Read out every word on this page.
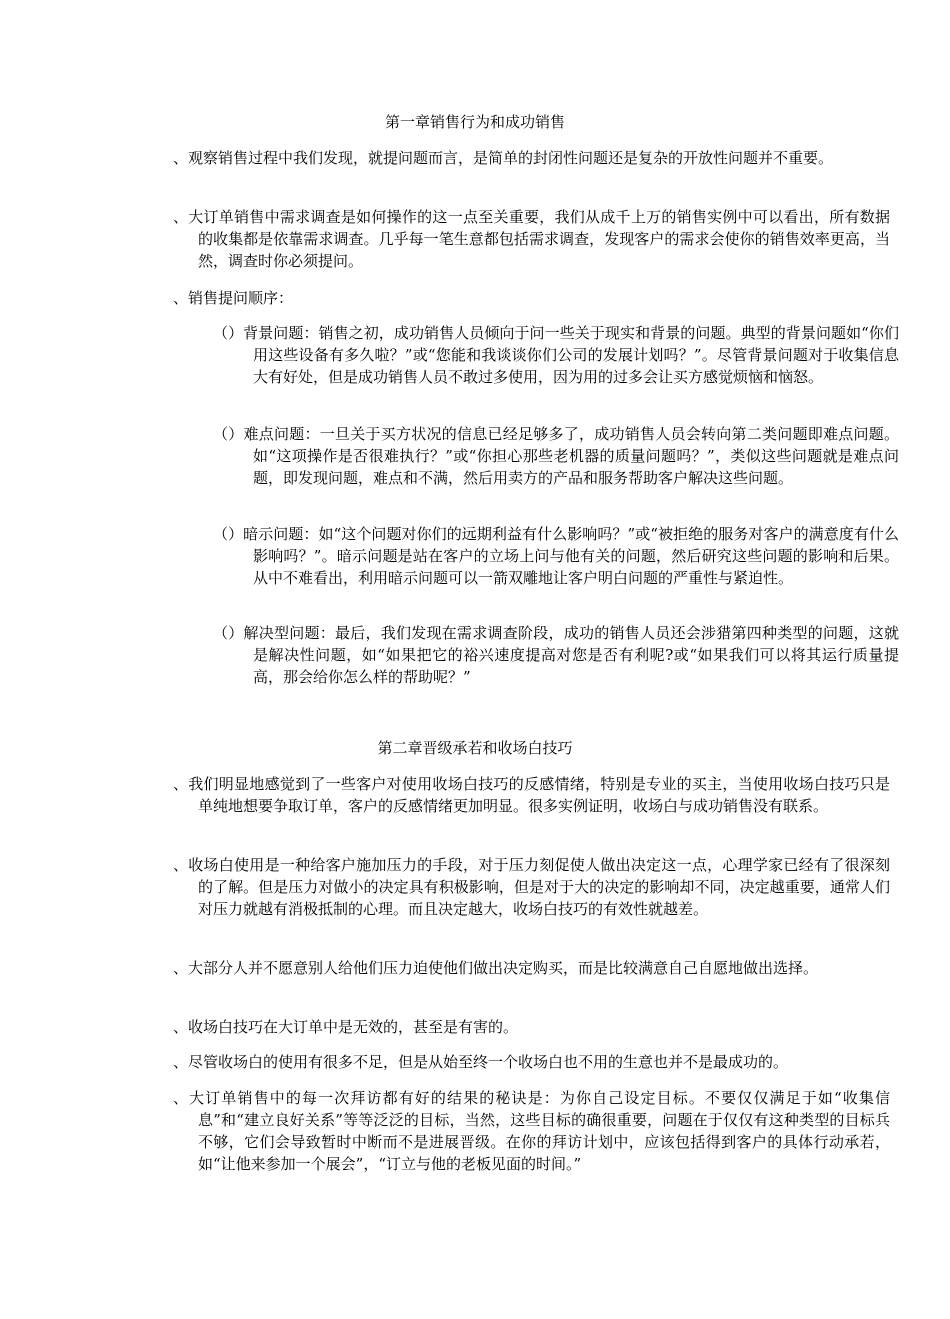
第一章销售行为和成功销售

、观察销售过程中我们发现，就提问题而言，是简单的封闭性问题还是复杂的开放性问题并不重要。

、大订单销售中需求调查是如何操作的这一点至关重要，我们从成千上万的销售实例中可以看出，所有数据的收集都是依靠需求调查。几乎每一笔生意都包括需求调查，发现客户的需求会使你的销售效率更高，当然，调查时你必须提问。

、销售提问顺序：

（）背景问题：销售之初，成功销售人员倾向于问一些关于现实和背景的问题。典型的背景问题如“你们用这些设备有多久啦？”或“您能和我谈谈你们公司的发展计划吗？”。尽管背景问题对于收集信息大有好处，但是成功销售人员不敢过多使用，因为用的过多会让买方感觉烦恼和恼怒。

（）难点问题：一旦关于买方状况的信息已经足够多了，成功销售人员会转向第二类问题即难点问题。如“这项操作是否很难执行？”或“你担心那些老机器的质量问题吗？”，类似这些问题就是难点问题，即发现问题，难点和不满，然后用卖方的产品和服务帮助客户解决这些问题。

（）暗示问题：如“这个问题对你们的远期利益有什么影响吗？”或“被拒绝的服务对客户的满意度有什么影响吗？”。暗示问题是站在客户的立场上问与他有关的问题，然后研究这些问题的影响和后果。从中不难看出，利用暗示问题可以一箭双雕地让客户明白问题的严重性与紧迫性。

（）解决型问题：最后，我们发现在需求调查阶段，成功的销售人员还会涉猎第四种类型的问题，这就是解决性问题，如“如果把它的裕兴速度提高对您是否有利呢?或“如果我们可以将其运行质量提高，那会给你怎么样的帮助呢？”

第二章晋级承若和收场白技巧

、我们明显地感觉到了一些客户对使用收场白技巧的反感情绪，特别是专业的买主，当使用收场白技巧只是单纯地想要争取订单，客户的反感情绪更加明显。很多实例证明，收场白与成功销售没有联系。

、收场白使用是一种给客户施加压力的手段，对于压力刻促使人做出决定这一点，心理学家已经有了很深刻的了解。但是压力对做小的决定具有积极影响，但是对于大的决定的影响却不同，决定越重要，通常人们对压力就越有消极抵制的心理。而且决定越大，收场白技巧的有效性就越差。

、大部分人并不愿意别人给他们压力迫使他们做出决定购买，而是比较满意自己自愿地做出选择。

、收场白技巧在大订单中是无效的，甚至是有害的。

、尽管收场白的使用有很多不足，但是从始至终一个收场白也不用的生意也并不是最成功的。

、大订单销售中的每一次拜访都有好的结果的秘诀是：为你自己设定目标。不要仅仅满足于如“收集信息”和“建立良好关系”等等泛泛的目标，当然，这些目标的确很重要，问题在于仅仅有这种类型的目标兵不够，它们会导致暂时中断而不是进展晋级。在你的拜访计划中，应该包括得到客户的具体行动承若，如“让他来参加一个展会”，“订立与他的老板见面的时间。”
